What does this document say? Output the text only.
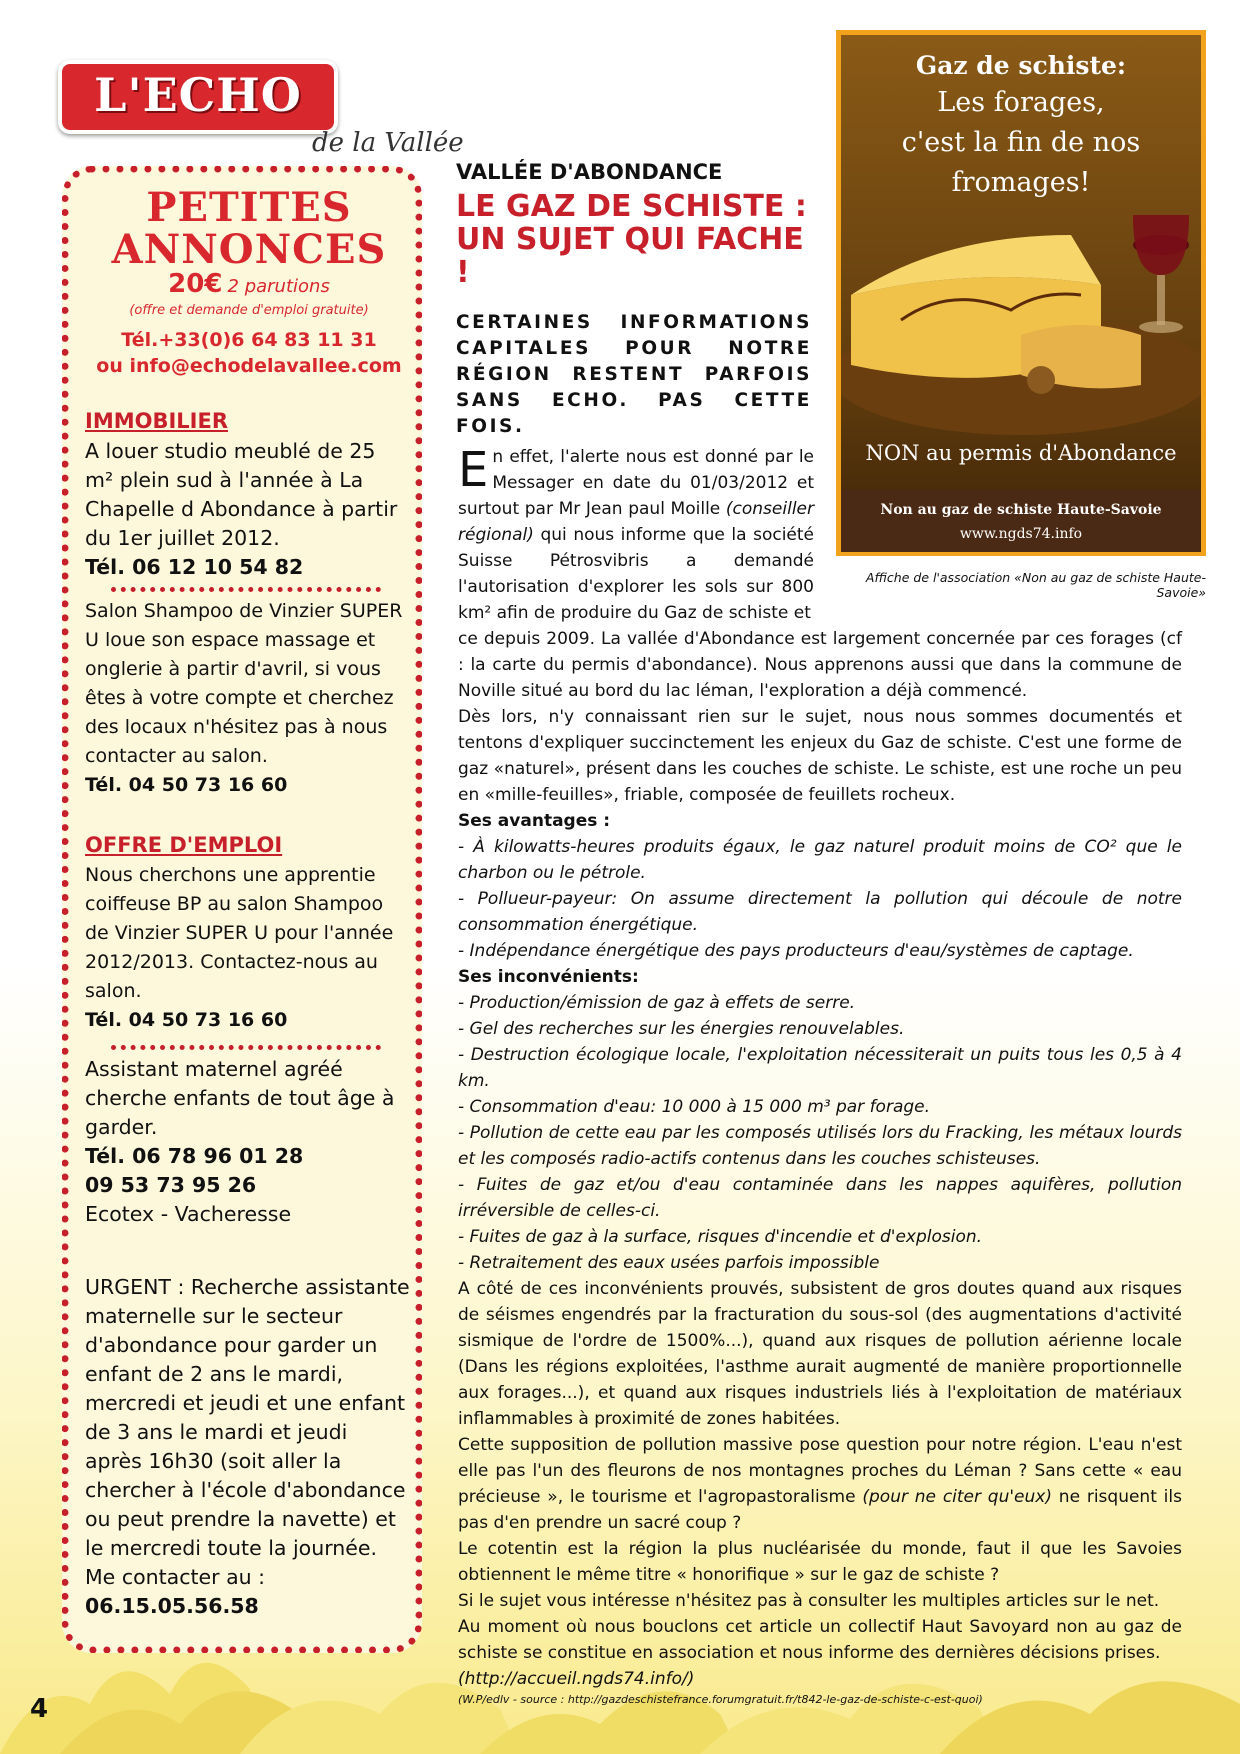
L'ECHO
de la Vallée
PETITES
ANNONCES
20€ 2 parutions
(offre et demande d'emploi gratuite)
Tél.+33(0)6 64 83 11 31
ou info@echodelavallee.com
IMMOBILIER
A louer studio meublé de 25 m² plein sud à l'année à La Chapelle d Abondance à partir du 1er juillet 2012.
Tél. 06 12 10 54 82
Salon Shampoo de Vinzier SUPER U loue son espace massage et onglerie à partir d'avril, si vous êtes à votre compte et cherchez des locaux n'hésitez pas à nous contacter au salon.
Tél. 04 50 73 16 60
OFFRE D'EMPLOI
Nous cherchons une apprentie coiffeuse BP au salon Shampoo de Vinzier SUPER U pour l'année 2012/2013. Contactez-nous au salon.
Tél. 04 50 73 16 60
Assistant maternel agréé cherche enfants de tout âge à garder.
Tél. 06 78 96 01 28
09 53 73 95 26
Ecotex - Vacheresse
URGENT : Recherche assistante maternelle sur le secteur d'abondance pour garder un enfant de 2 ans le mardi, mercredi et jeudi et une enfant de 3 ans le mardi et jeudi après 16h30 (soit aller la chercher à l'école d'abondance ou peut prendre la navette) et le mercredi toute la journée.
Me contacter au :
06.15.05.56.58
VALLÉE D'ABONDANCE
LE GAZ DE SCHISTE : UN SUJET QUI FACHE !
CERTAINES INFORMATIONS CAPITALES POUR NOTRE RÉGION RESTENT PARFOIS SANS ECHO. PAS CETTE FOIS.
Gaz de schiste:
Les forages,
c'est la fin de nos
fromages!
NON au permis d'Abondance
Non au gaz de schiste Haute-Savoie
www.ngds74.info
Affiche de l'association «Non au gaz de schiste Haute-Savoie»

En effet, l'alerte nous est donné par le Messager en date du 01/03/2012 et surtout par Mr Jean paul Moille (conseiller régional) qui nous informe que la société Suisse Pétrosvibris a demandé l'autorisation d'explorer les sols sur 800 km² afin de produire du Gaz de schiste et

ce depuis 2009. La vallée d'Abondance est largement concernée par ces forages (cf : la carte du permis d'abondance). Nous apprenons aussi que dans la commune de Noville situé au bord du lac léman, l'exploration a déjà commencé.

Dès lors, n'y connaissant rien sur le sujet, nous nous sommes documentés et tentons d'expliquer succinctement les enjeux du Gaz de schiste. C'est une forme de gaz «naturel», présent dans les couches de schiste. Le schiste, est une roche un peu en «mille-feuilles», friable, composée de feuillets rocheux.

Ses avantages :

- À kilowatts-heures produits égaux, le gaz naturel produit moins de CO² que le charbon ou le pétrole.

- Pollueur-payeur: On assume directement la pollution qui découle de notre consommation énergétique.

- Indépendance énergétique des pays producteurs d'eau/systèmes de captage.

Ses inconvénients:

- Production/émission de gaz à effets de serre.

- Gel des recherches sur les énergies renouvelables.

- Destruction écologique locale, l'exploitation nécessiterait un puits tous les 0,5 à 4 km.

- Consommation d'eau: 10 000 à 15 000 m³ par forage.

- Pollution de cette eau par les composés utilisés lors du Fracking, les métaux lourds et les composés radio-actifs contenus dans les couches schisteuses.

- Fuites de gaz et/ou d'eau contaminée dans les nappes aquifères, pollution irréversible de celles-ci.

- Fuites de gaz à la surface, risques d'incendie et d'explosion.

- Retraitement des eaux usées parfois impossible

A côté de ces inconvénients prouvés, subsistent de gros doutes quand aux risques de séismes engendrés par la fracturation du sous-sol (des augmentations d'activité sismique de l'ordre de 1500%...), quand aux risques de pollution aérienne locale (Dans les régions exploitées, l'asthme aurait augmenté de manière proportionnelle aux forages...), et quand aux risques industriels liés à l'exploitation de matériaux inflammables à proximité de zones habitées.

Cette supposition de pollution massive pose question pour notre région. L'eau n'est elle pas l'un des fleurons de nos montagnes proches du Léman ? Sans cette « eau précieuse », le tourisme et l'agropastoralisme (pour ne citer qu'eux) ne risquent ils pas d'en prendre un sacré coup ?

Le cotentin est la région la plus nucléarisée du monde, faut il que les Savoies obtiennent le même titre « honorifique » sur le gaz de schiste ?

Si le sujet vous intéresse n'hésitez pas à consulter les multiples articles sur le net.

Au moment où nous bouclons cet article un collectif Haut Savoyard non au gaz de schiste se constitue en association et nous informe des dernières décisions prises.

(http://accueil.ngds74.info/)

(W.P/edlv - source : http://gazdeschistefrance.forumgratuit.fr/t842-le-gaz-de-schiste-c-est-quoi)

4
